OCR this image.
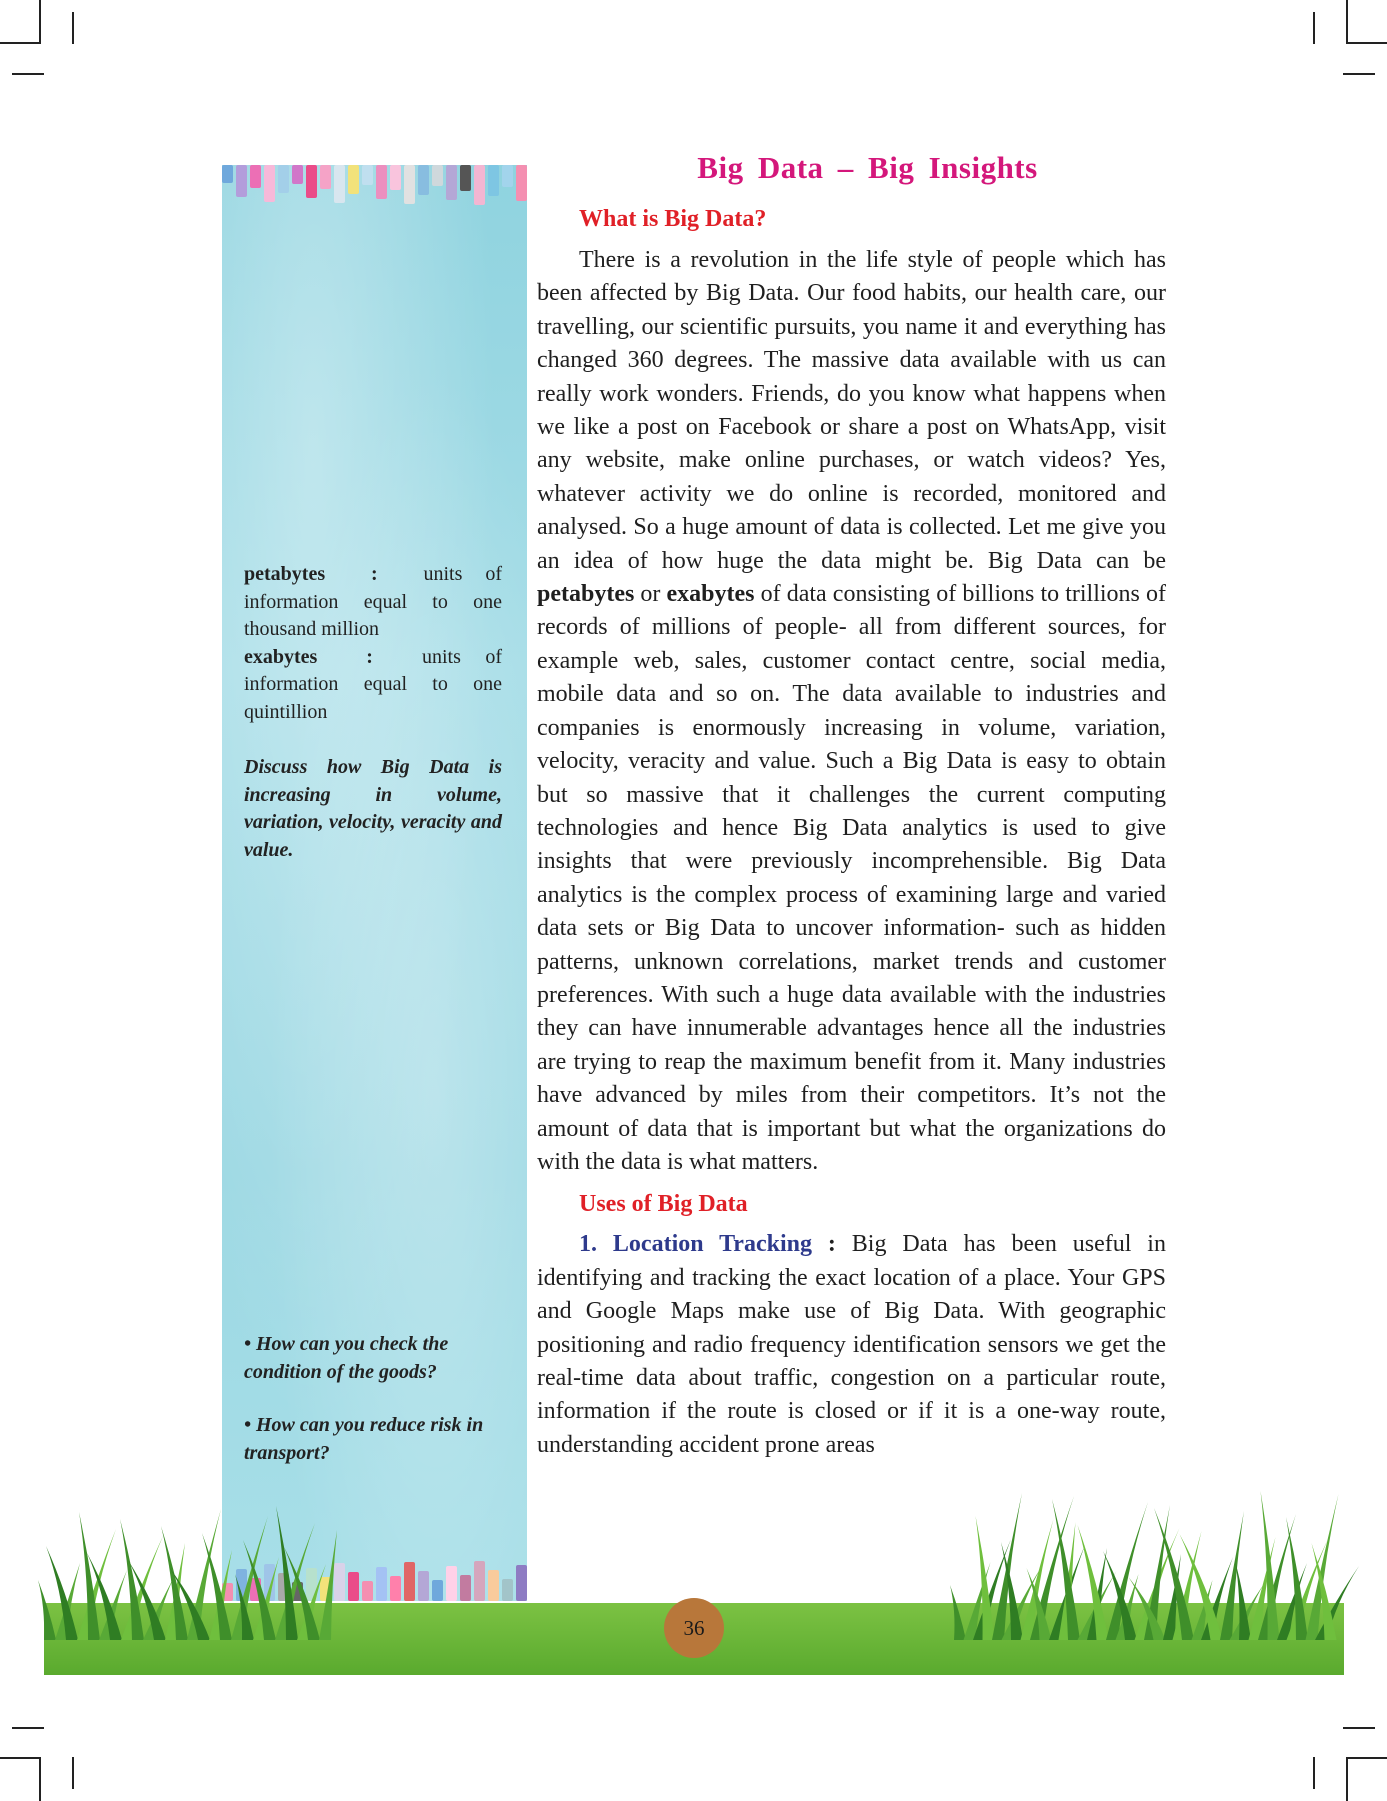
petabytes  :  units of information equal to one thousand million

exabytes  :  units of information equal to one quintillion

Discuss how Big Data is increasing in volume, variation, velocity, veracity and value.

• How can you check the condition of the goods?

• How can you reduce risk in transport?

Big Data – Big Insights
What is Big Data?

There is a revolution in the life style of people which has been affected by Big Data. Our food habits, our health care, our travelling, our scientific pursuits, you name it and everything has changed 360 degrees. The massive data available with us can really work wonders. Friends, do you know what happens when we like a post on Facebook or share a post on WhatsApp, visit any website, make online purchases, or watch videos? Yes, whatever activity we do online is recorded, monitored and analysed. So a huge amount of data is collected. Let me give you an idea of how huge the data might be. Big Data can be petabytes or exabytes of data consisting of billions to trillions of records of millions of people- all from different sources, for example web, sales, customer contact centre, social media, mobile data and so on. The data available to industries and companies is enormously increasing in volume, variation, velocity, veracity and value. Such a Big Data is easy to obtain but so massive that it challenges the current computing technologies and hence Big Data analytics is used to give insights that were previously incomprehensible. Big Data analytics is the complex process of examining large and varied data sets or Big Data to uncover information- such as hidden patterns, unknown correlations, market trends and customer preferences. With such a huge data available with the industries they can have innumerable advantages hence all the industries are trying to reap the maximum benefit from it. Many industries have advanced by miles from their competitors. It’s not the amount of data that is important but what the organizations do with the data is what matters.

Uses of Big Data

1. Location Tracking : Big Data has been useful in identifying and tracking the exact location of a place. Your GPS and Google Maps make use of Big Data. With geographic positioning and radio frequency identification sensors we get the real-time data about traffic, congestion on a particular route, information if the route is closed or if it is a one-way route, understanding accident prone areas

36
